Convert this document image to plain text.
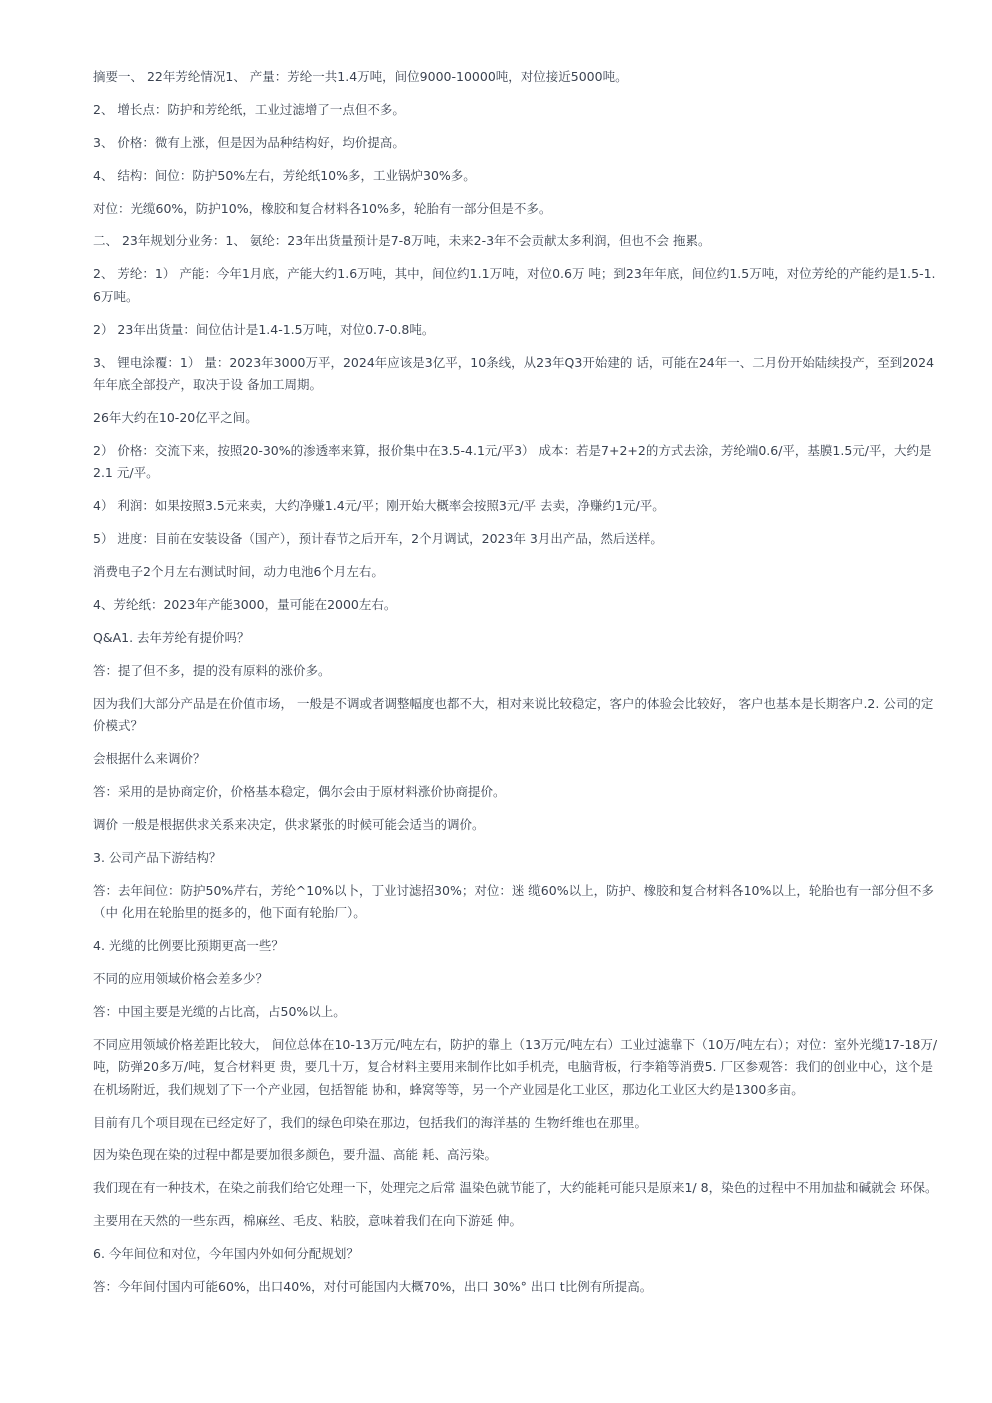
摘要一、 22年芳纶情况1、 产量：芳纶一共1.4万吨，间位9000-10000吨，对位接近5000吨。

2、 增长点：防护和芳纶纸，工业过滤增了一点但不多。

3、 价格：微有上涨，但是因为品种结构好，均价提高。

4、 结构：间位：防护50%左右，芳纶纸10%多，工业锅炉30%多。

对位：光缆60%，防护10%，橡胶和复合材料各10%多，轮胎有一部分但是不多。

二、 23年规划分业务：1、 氨纶：23年出货量预计是7-8万吨，未来2-3年不会贡献太多利润，但也不会 拖累。

2、 芳纶：1） 产能：今年1月底，产能大约1.6万吨，其中，间位约1.1万吨，对位0.6万 吨；到23年年底，间位约1.5万吨，对位芳纶的产能约是1.5-1.6万吨。

2） 23年出货量：间位估计是1.4-1.5万吨，对位0.7-0.8吨。

3、 锂电涂覆：1） 量：2023年3000万平，2024年应该是3亿平，10条线，从23年Q3开始建的 话，可能在24年一、二月份开始陆续投产，至到2024年年底全部投产，取决于设 备加工周期。

26年大约在10-20亿平之间。

2） 价格：交流下来，按照20-30%的渗透率来算，报价集中在3.5-4.1元/平3） 成本：若是7+2+2的方式去涂，芳纶端0.6/平，基膜1.5元/平，大约是2.1 元/平。

4） 利润：如果按照3.5元来卖，大约净赚1.4元/平；刚开始大概率会按照3元/平 去卖，净赚约1元/平。

5） 进度：目前在安装设备（国产），预计春节之后开车，2个月调试，2023年 3月出产品，然后送样。

消费电子2个月左右测试时间，动力电池6个月左右。

4、芳纶纸：2023年产能3000，量可能在2000左右。

Q&A1. 去年芳纶有提价吗？

答：提了但不多，提的没有原料的涨价多。

因为我们大部分产品是在价值市场， 一般是不调或者调整幅度也都不大，相对来说比较稳定，客户的体验会比较好， 客户也基本是长期客户.2. 公司的定价模式？

会根据什么来调价？

答：采用的是协商定价，价格基本稳定，偶尔会由于原材料涨价协商提价。

调价 一般是根据供求关系来决定，供求紧张的时候可能会适当的调价。

3. 公司产品下游结构？

答：去年间位：防护50%芹右，芳纶^10%以卜，丁业讨滤招30%；对位：迷 缆60%以上，防护、橡胶和复合材料各10%以上，轮胎也有一部分但不多（中 化用在轮胎里的挺多的，他下面有轮胎厂）。

4. 光缆的比例要比预期更高一些？

不同的应用领域价格会差多少？

答：中国主要是光缆的占比高，占50%以上。

不同应用领域价格差距比较大， 间位总体在10-13万元/吨左右，防护的靠上（13万元/吨左右）工业过滤靠下（10万/吨左右）；对位：室外光缆17-18万/吨，防弹20多万/吨，复合材料更 贵，要几十万，复合材料主要用来制作比如手机壳，电脑背板，行李箱等消费5. 厂区参观答：我们的创业中心，这个是在机场附近，我们规划了下一个产业园，包括智能 协和，蜂窝等等，另一个产业园是化工业区，那边化工业区大约是1300多亩。

目前有几个项目现在已经定好了，我们的绿色印染在那边，包括我们的海洋基的 生物纤维也在那里。

因为染色现在染的过程中都是要加很多颜色，要升温、高能 耗、高污染。

我们现在有一种技术，在染之前我们给它处理一下，处理完之后常 温染色就节能了，大约能耗可能只是原来1/ 8，染色的过程中不用加盐和碱就会 环保。

主要用在天然的一些东西，棉麻丝、毛皮、粘胶，意味着我们在向下游延 伸。

6. 今年间位和对位，今年国内外如何分配规划？

答：今年间付国内可能60%，出口40%，对付可能国内大概70%，出口 30%° 出口 t比例有所提高。
